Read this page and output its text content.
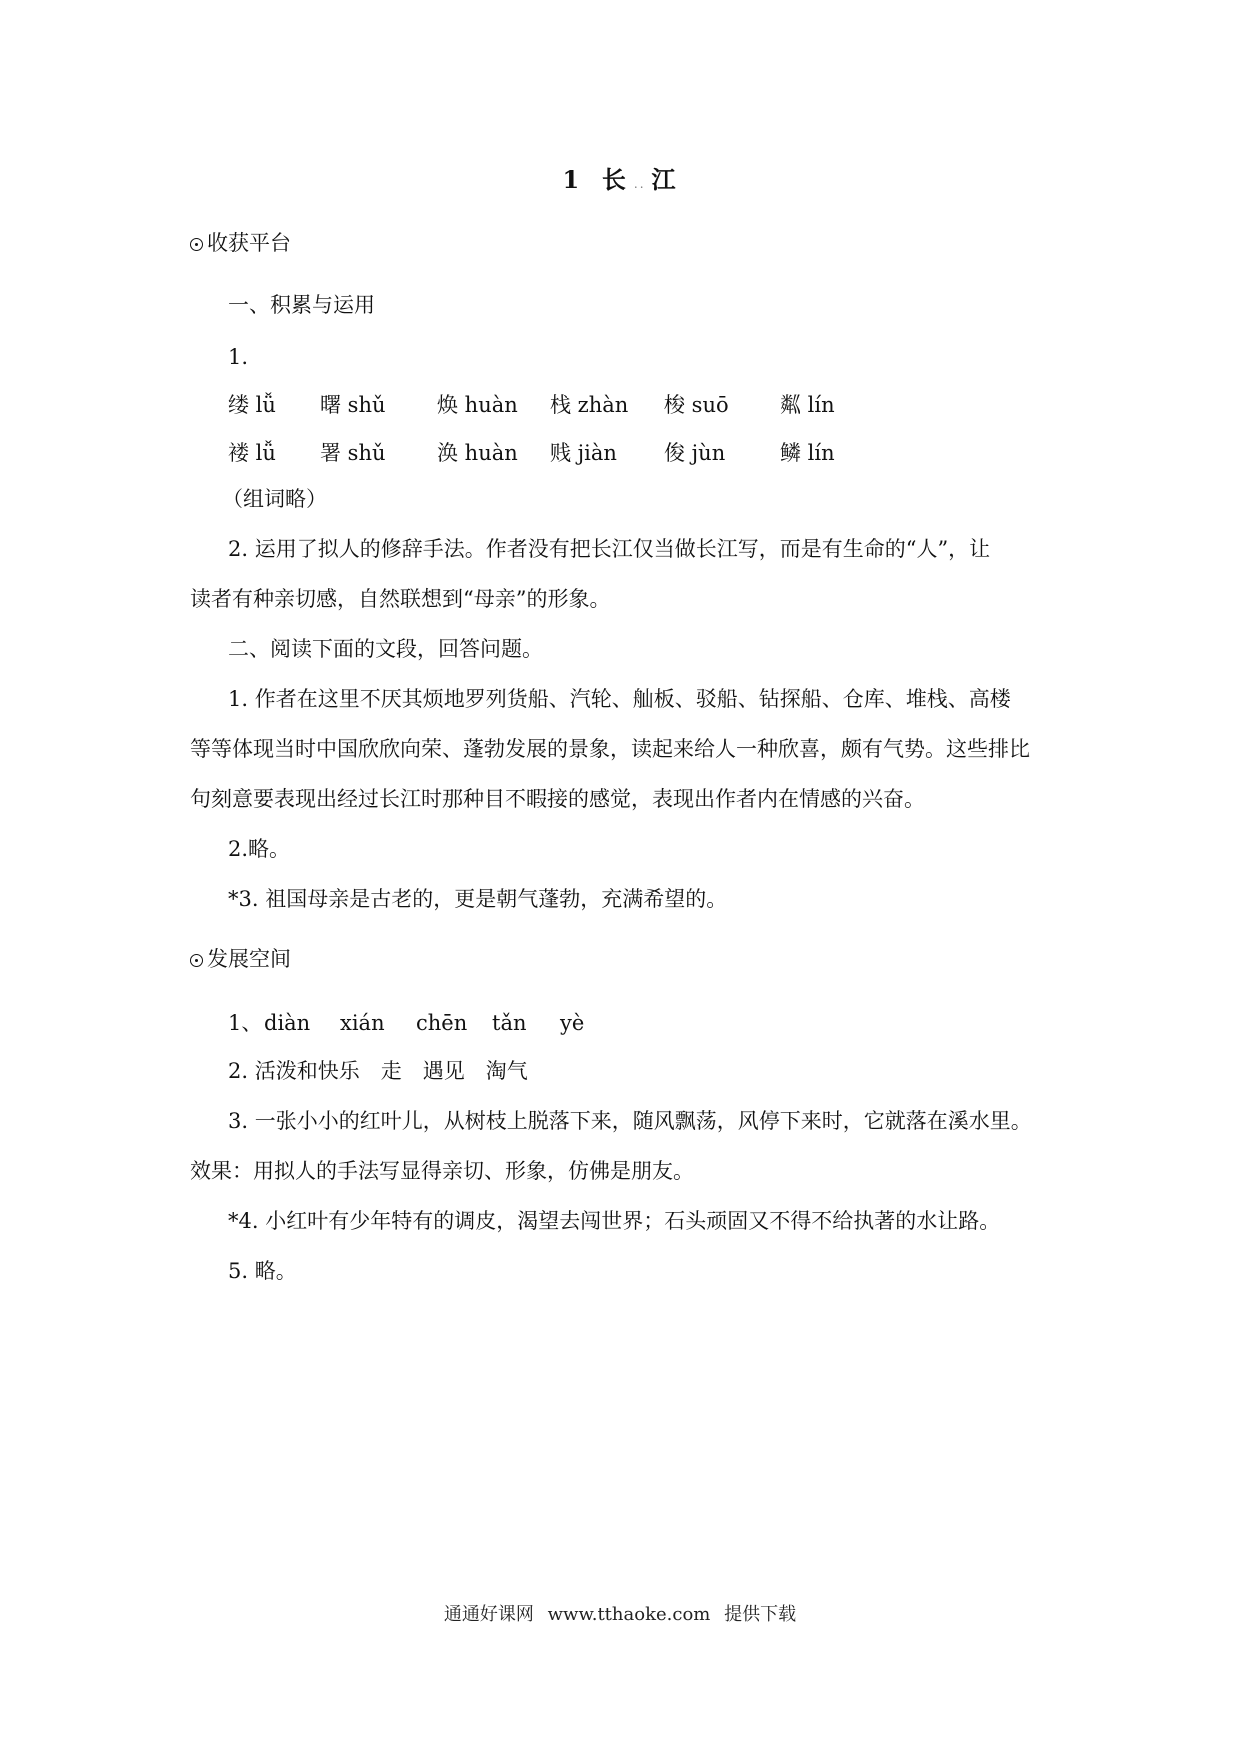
1 长 .. 江
收获平台
一、积累与运用
1.
缕 lǚ 曙 shǔ 焕 huàn 栈 zhàn 梭 suō 粼 lín
褛 lǚ 署 shǔ 涣 huàn 贱 jiàn 俊 jùn	鳞 lín
（组词略）
2. 运用了拟人的修辞手法。作者没有把长江仅当做长江写，而是有生命的“人”，让
读者有种亲切感，自然联想到“母亲”的形象。
二、阅读下面的文段，回答问题。
1. 作者在这里不厌其烦地罗列货船、汽轮、舢板、驳船、钻探船、仓库、堆栈、高楼
等等体现当时中国欣欣向荣、蓬勃发展的景象，读起来给人一种欣喜，颇有气势。这些排比
句刻意要表现出经过长江时那种目不暇接的感觉，表现出作者内在情感的兴奋。
2.略。
*3. 祖国母亲是古老的，更是朝气蓬勃，充满希望的。
发展空间
1、 diàn xián chēn tǎn yè
2. 活泼和快乐　走　遇见　淘气
3. 一张小小的红叶儿，从树枝上脱落下来，随风飘荡，风停下来时，它就落在溪水里。
效果：用拟人的手法写显得亲切、形象，仿佛是朋友。
*4. 小红叶有少年特有的调皮，渴望去闯世界；石头顽固又不得不给执著的水让路。
5. 略。
通通好课网 www.tthaoke.com 提供下载
